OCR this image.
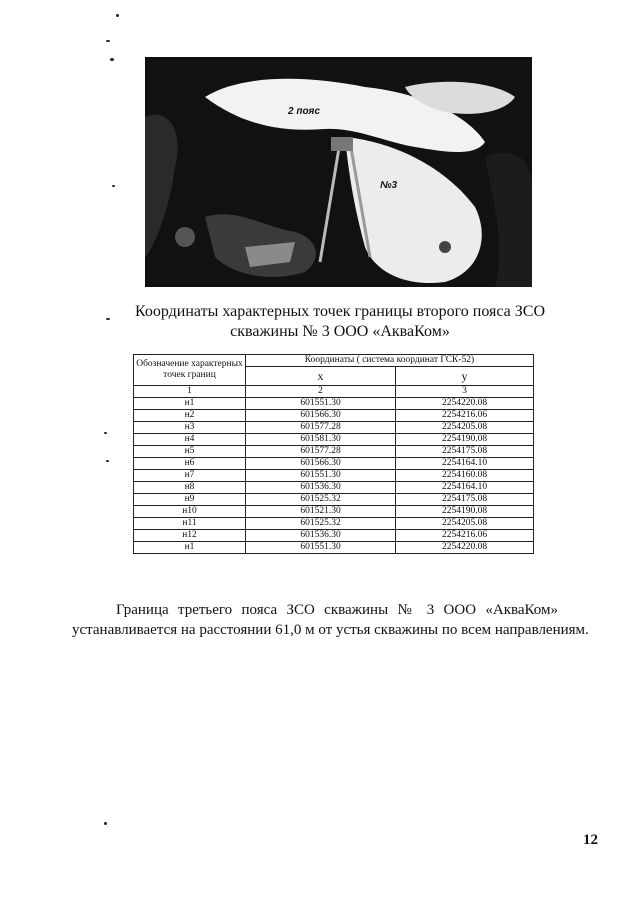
2 пояс
№3
Координаты характерных точек границы второго пояса ЗСО
скважины № 3 ООО «АкваКом»
Обозначение характерных точек границ	Координаты ( система координат ГСК-52)	
	x	y
1	2	3
н1	601551.30	2254220.08
н2	601566.30	2254216.06
н3	601577.28	2254205.08
н4	601581.30	2254190.08
н5	601577.28	2254175.08
н6	601566.30	2254164.10
н7	601551.30	2254160.08
н8	601536.30	2254164.10
н9	601525.32	2254175.08
н10	601521.30	2254190.08
н11	601525.32	2254205.08
н12	601536.30	2254216.06
н1	601551.30	2254220.08
Граница третьего пояса ЗСО скважины № 3 ООО «АкваКом»
устанавливается на расстоянии 61,0 м от устья скважины по всем направлениям.
12
